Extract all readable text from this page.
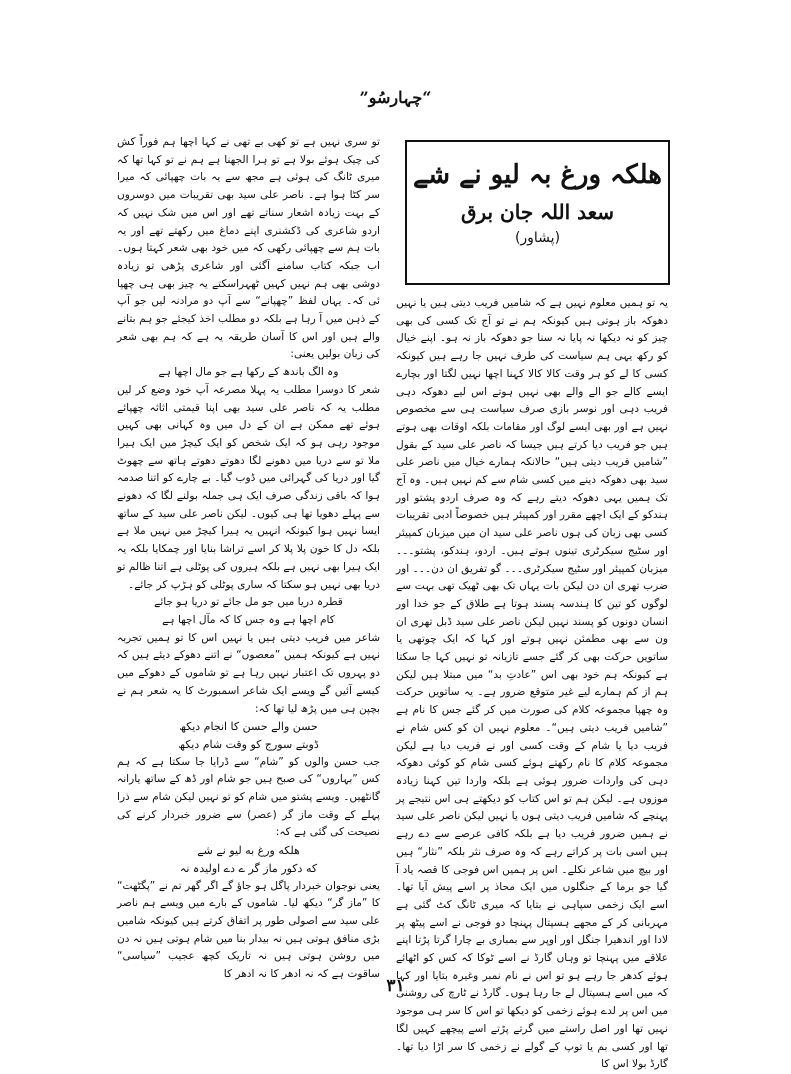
”چہارسُو“
هلکہ ورغ بہ لیو نے شے
سعد اللہ جان برق
(پشاور)

یہ تو ہمیں معلوم نہیں ہے کہ شامیں فریب دیتی ہیں یا نہیں دھوکہ باز ہوتی ہیں کیونکہ ہم نے تو آج تک کسی کی بھی چیز کو نہ دیکھا نہ پایا نہ سنا جو دھوکہ باز نہ ہو۔ اپنے خیال کو رکھ یہی ہم سیاست کی طرف نہیں جا رہے ہیں کیونکہ کسی کا لے کو ہر وقت کالا کالا کہنا اچھا نہیں لگتا اور بچارے ایسے کالے جو الے والے بھی نہیں ہوتے اس لیے دھوکہ دہی فریب دہی اور نوسر بازی صرف سیاست ہی سے مخصوص نہیں ہے اور بھی ایسے لوگ اور مقامات بلکہ اوقات بھی ہوتے ہیں جو فریب دیا کرتے ہیں جیسا کہ ناصر علی سید کے بقول ”شامیں فریب دیتی ہیں“ حالانکہ ہمارے خیال میں ناصر علی سید بھی دھوکہ دینے میں کسی شام سے کم نہیں ہیں۔ وہ آج تک ہمیں یہی دھوکہ دیتے رہے کہ وہ صرف اردو پشتو اور ہندکو کے ایک اچھے مقرر اور کمپیئر ہیں خصوصاً ادبی تقریبات کسی بھی زبان کی ہوں ناصر علی سید ان میں میزبان کمپیئر اور سٹیج سیکرٹری تینوں ہوتے ہیں۔ اردو، ہندکو، پشتو۔۔۔ میزبان کمپیئر اور سٹیج سیکرٹری۔۔۔ گو تفریق ان دن۔۔۔ اور ضرب تھری ان دن لیکن بات یہاں تک بھی ٹھیک تھی بہت سے لوگوں کو تین کا ہندسہ پسند ہوتا ہے طلاق کے جو خدا اور انسان دونوں کو پسند نہیں لیکن ناصر علی سید ڈبل تھری ان ون سے بھی مطمئن نہیں ہوتے اور کہا کہ ایک چوتھی یا ساتویں حرکت بھی کر گئے جسے تازیانہ تو نہیں کہا جا سکتا ہے کیونکہ ہم خود بھی اس ”عادتِ بد“ میں مبتلا ہیں لیکن ہم از کم ہمارے لیے غیر متوقع ضرور ہے۔ یہ ساتویں حرکت وہ چھپا مجموعہ کلام کی صورت میں کر گئے جس کا نام ہے ”شامیں فریب دیتی ہیں“۔ معلوم نہیں ان کو کس شام نے فریب دیا یا شام کے وقت کسی اور نے فریب دیا ہے لیکن مجموعہ کلام کا نام رکھتے ہوئے کسی شام کو کوئی دھوکہ دہی کی واردات ضرور ہوئی ہے بلکہ واردا تیں کہنا زیادہ موزوں ہے۔ لیکن ہم تو اس کتاب کو دیکھتے ہی اس نتیجے پر پہنچے کہ شامیں فریب دیتی ہوں یا نہیں لیکن ناصر علی سید نے ہمیں ضرور فریب دیا ہے بلکہ کافی عرصے سے دے رہے ہیں اسی بات پر کراتے رہے کہ وہ صرف نثر بلکہ ”نثار“ ہیں اور بیچ میں شاعر نکلے۔ اس پر ہمیں اس فوجی کا قصہ یاد آ گیا جو برما کے جنگلوں میں ایک محاذ پر اسے پیش آیا تھا۔ اسے ایک زخمی سپاہی نے بتایا کہ میری ٹانگ کٹ گئی ہے مہربانی کر کے مجھے ہسپتال پہنچا دو فوجی نے اسے پیٹھ پر لادا اور اندھیرا جنگل اور اوپر سے بمباری بے چارا گرتا پڑتا اپنے علاقے میں پہنچا تو وہاں گارڈ نے اسے ٹوکا کہ کس کو اٹھائے ہوئے کدھر جا رہے ہو تو اس نے نام نمبر وغیرہ بتایا اور کہا کہ میں اسے ہسپتال لے جا رہا ہوں۔ گارڈ نے ٹارچ کی روشنی میں اس پر لدے ہوئے زخمی کو دیکھا تو اس کا سر ہی موجود نہیں تھا اور اصل راستے میں گرتے پڑتے اسے پیچھے کہیں لگا تھا اور کسی بم یا توپ کے گولے نے زخمی کا سر اڑا دیا تھا۔ گارڈ بولا اس کا

تو سری نہیں ہے تو کھی بے تھی نے کہا اچھا ہم فوراً کش کی چیک ہوئے بولا ہے تو ہرا الجھنا ہے ہم نے تو کہا تھا کہ میری ٹانگ کی ہوئی ہے مجھ سے یہ بات چھپائی کہ میرا سر کٹا ہوا ہے۔ ناصر علی سید بھی تقریبات میں دوسروں کے بہت زیادہ اشعار سناتے تھے اور اس میں شک نہیں کہ اردو شاعری کی ڈکشنری اپنے دماغ میں رکھتے تھے اور یہ بات ہم سے چھپائی رکھی کہ میں خود بھی شعر کہتا ہوں۔ اب جبکہ کتاب سامنے آگئی اور شاعری پڑھی تو زیادہ دوشی بھی ہم نہیں کہیں ٹھہراسکتے یہ چیز بھی ہی چھپا ئی کہ۔ یہاں لفظ ”چھپانے“ سے آپ دو مرادنہ لیں جو آپ کے ذہن میں آ رہا ہے بلکہ دو مطلب اخذ کیجئے جو ہم بتانے والے ہیں اور اس کا آسان طریقہ یہ ہے کہ ہم بھی شعر کی زبان بولیں یعنی:

وہ الگ باندھ کے رکھا ہے جو مال اچھا ہے

شعر کا دوسرا مطلب یہ پہلا مصرعہ آپ خود وضع کر لیں مطلب یہ کہ ناصر علی سید بھی اپنا قیمتی اثاثہ چھپائے ہوئے تھے ممکن ہے ان کے دل میں وہ کہانی بھی کہیں موجود رہی ہو کہ ایک شخص کو ایک کیچڑ میں ایک ہیرا ملا تو سے دریا میں دھونے لگا دھوتے دھوتے ہاتھ سے چھوٹ گیا اور دریا کی گہرائی میں ڈوب گیا۔ بے چارے کو اتنا صدمہ ہوا کہ باقی زندگی صرف ایک ہی جملہ بولنے لگا کہ دھونے سے پہلے دھویا تھا ہی کیوں۔ لیکن ناصر علی سید کے ساتھ ایسا نہیں ہوا کیونکہ انہیں یہ ہیرا کیچڑ میں نہیں ملا ہے بلکہ دل کا خون پلا پلا کر اسے تراشا بنایا اور چمکایا بلکہ یہ ایک ہیرا بھی نہیں ہے بلکہ ہیروں کی پوٹلی ہے اتنا ظالم تو دریا بھی نہیں ہو سکتا کہ ساری پوٹلی کو ہڑپ کر جائے۔

قطرہ دریا میں جو مل جائے تو دریا ہو جائے

کام اچھا ہے وہ جس کا کہ مآل اچھا ہے

شاعر میں فریب دیتی ہیں یا نہیں اس کا تو ہمیں تجربہ نہیں ہے کیونکہ ہمیں ”معصوں“ نے اتنے دھوکے دیئے ہیں کہ دو پہروں تک اعتبار نہیں رہا ہے تو شاموں کے دھوکے میں کیسے آئیں گے ویسے ایک شاعر اسمبورٹ کا یہ شعر ہم نے بچپن ہی میں پڑھ لیا تھا کہ:

حسن والے حسن کا انجام دیکھ

ڈوبتے سورج کو وقت شام دیکھ

جب حسن والوں کو ”شام“ سے ڈرایا جا سکتا ہے کہ ہم کس ”بہاروں“ کی صبح ہیں جو شام اور ڈھ کے ساتھ یارانہ گانٹھیں۔ ویسے پشتو میں شام کو تو نہیں لیکن شام سے ذرا پہلے کے وقت ماز گر (عصر) سے ضرور خبردار کرنے کی نصیحت کی گئی ہے کہ:

هلکه ورغ به ليو نے شے

که دکور ماز گر ے دے اولیدہ نہ

یعنی نوجوان خبردار پاگل ہو جاؤ گے اگر گھر تم نے ”پگٹھت“ کا ”ماز گر“ دیکھ لیا۔ شاموں کے بارے میں ویسے ہم ناصر علی سید سے اصولی طور پر اتفاق کرتے ہیں کیونکہ شامیں بڑی منافق ہوتی ہیں نہ بیدار بنا میں شام ہوتی ہیں نہ دن میں روشن ہوتی ہیں نہ تاریک کچھ عجیب ”سیاسی“ ساقوت ہے کہ نہ ادھر کا نہ ادھر کا

۳۱
